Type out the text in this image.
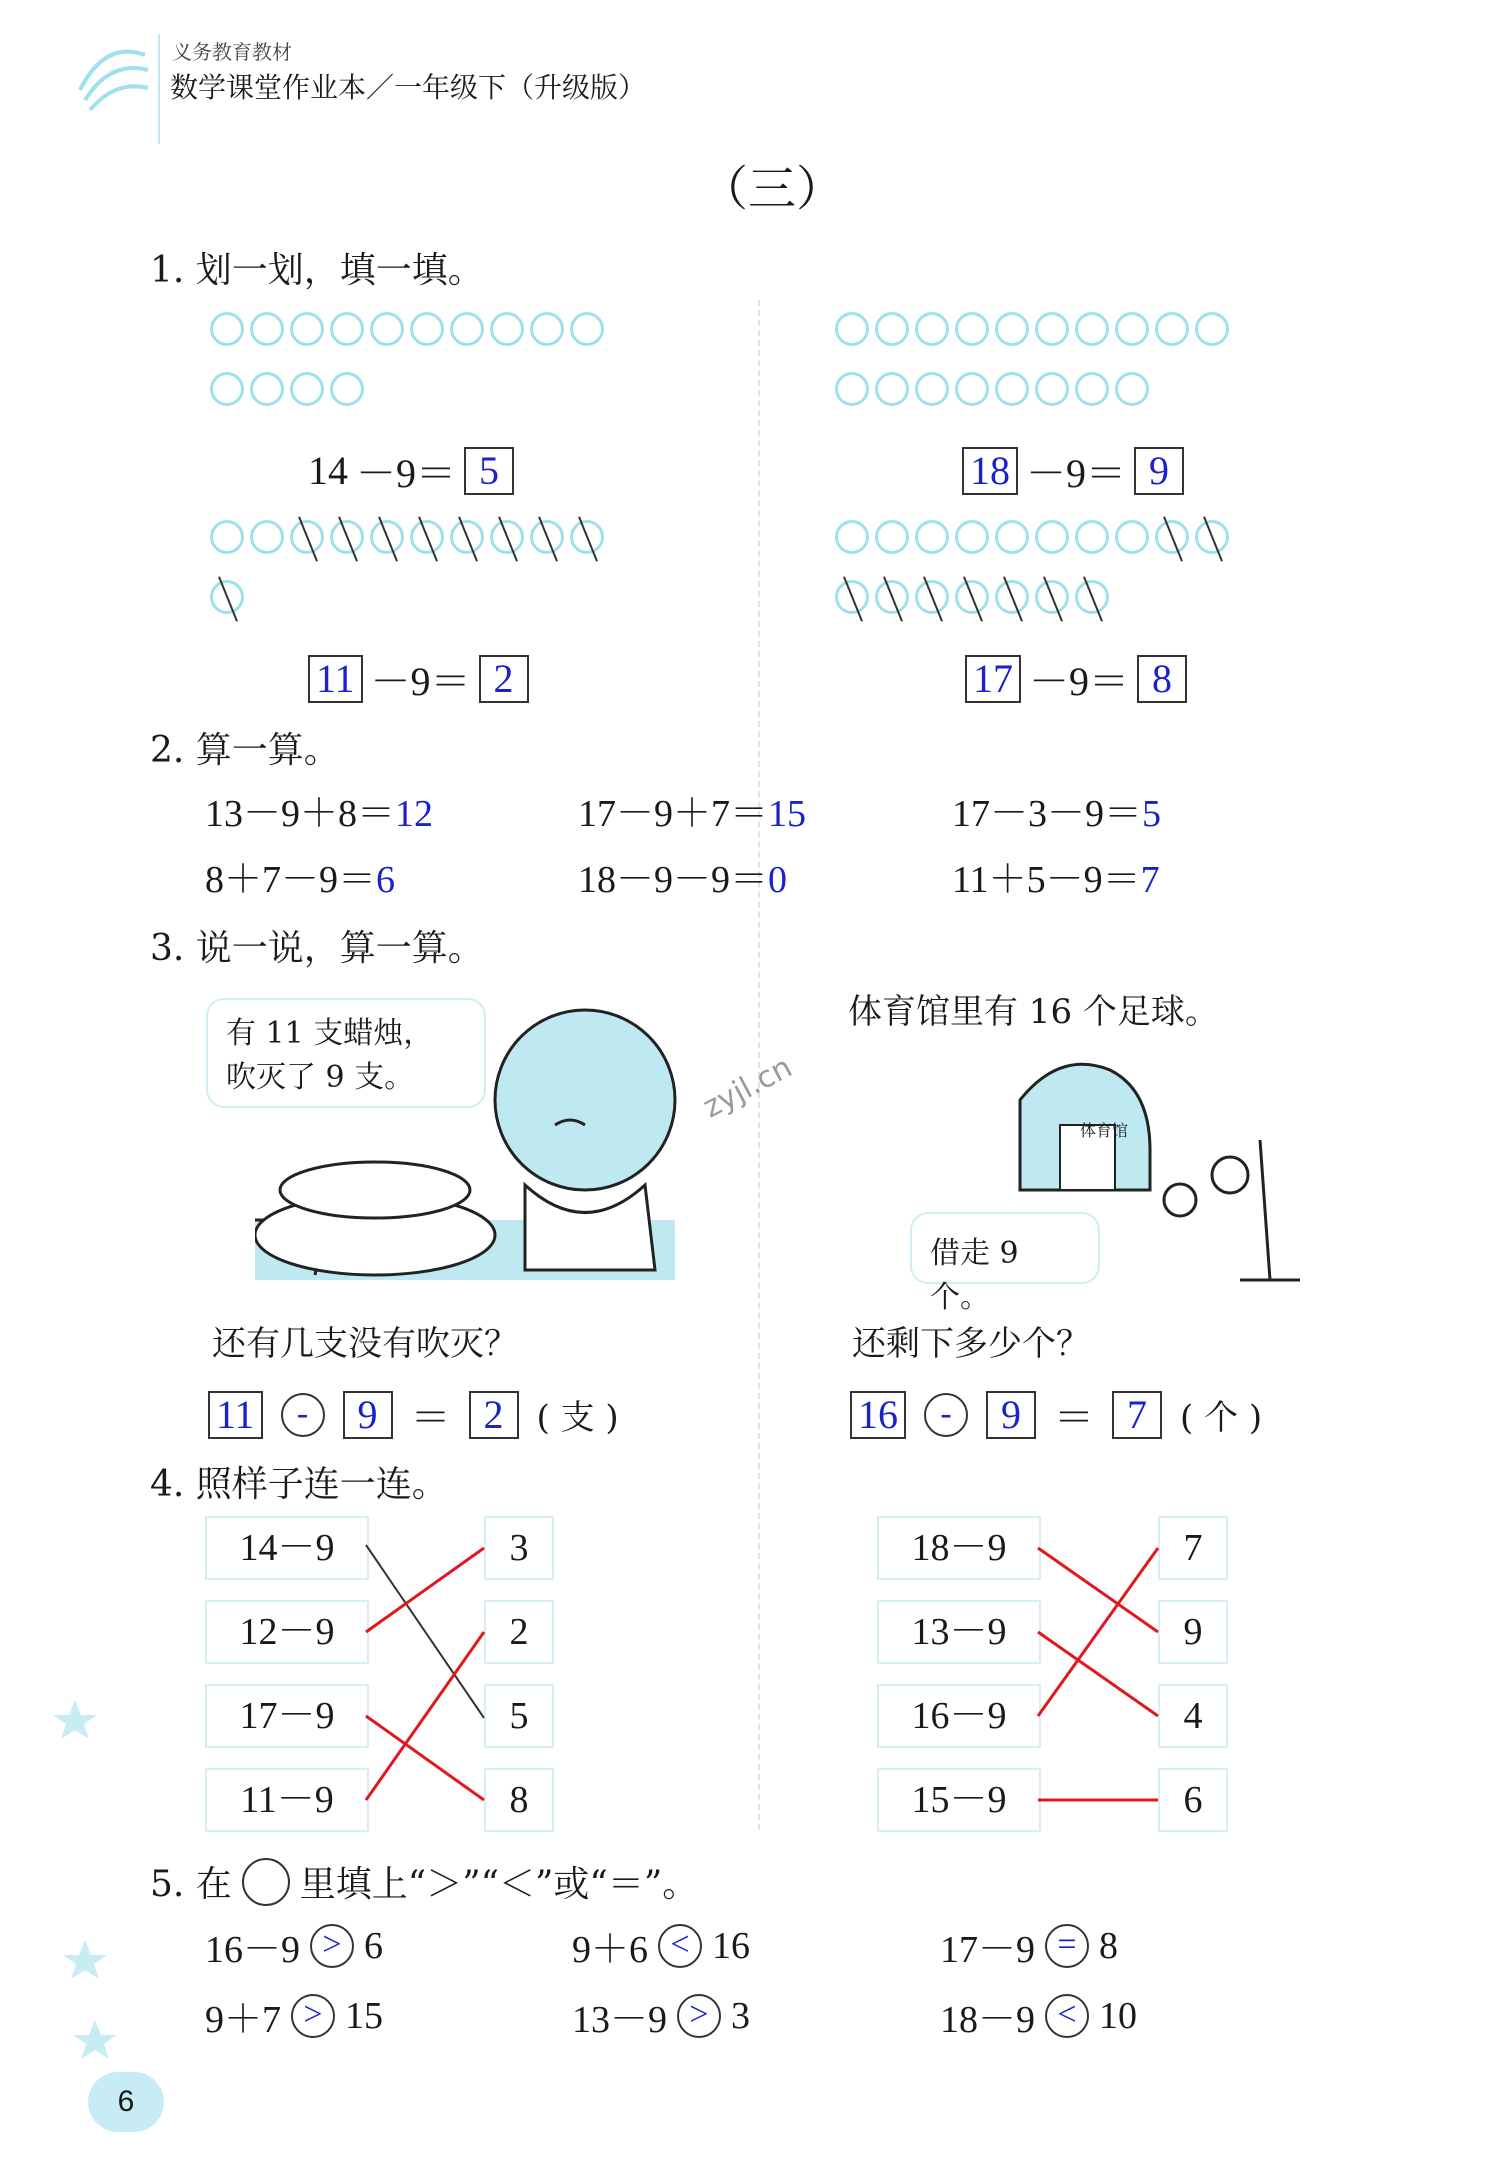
义务教育教材
数学课堂作业本／一年级下（升级版）
（三）
1. 划一划，填一填。
14 －9＝ 5	18 －9＝ 9
11 －9＝ 2	17 －9＝ 8
2. 算一算。
13－9＋8＝12	17－9＋7＝15	17－3－9＝5
8＋7－9＝6	18－9－9＝0	11＋5－9＝7
3. 说一说，算一算。
有 11 支蜡烛，
吹灭了 9 支。	zyjl.cn
体育馆里有 16 个足球。
体育馆
借走 9 个。
还有几支没有吹灭？	还剩下多少个？
11	-	9 ＝ 2 ( 支 )	16	-	9 ＝ 7 ( 个 )
4. 照样子连一连。
14－9
12－9
17－9
11－9
3
2
5
8
18－9
13－9
16－9
15－9
7
9
4
6
5. 在 里填上“＞”“＜”或“＝”。
16－9 > 6	9＋6 < 16	17－9 = 8
9＋7 > 15	13－9 > 3	18－9 < 10
6
